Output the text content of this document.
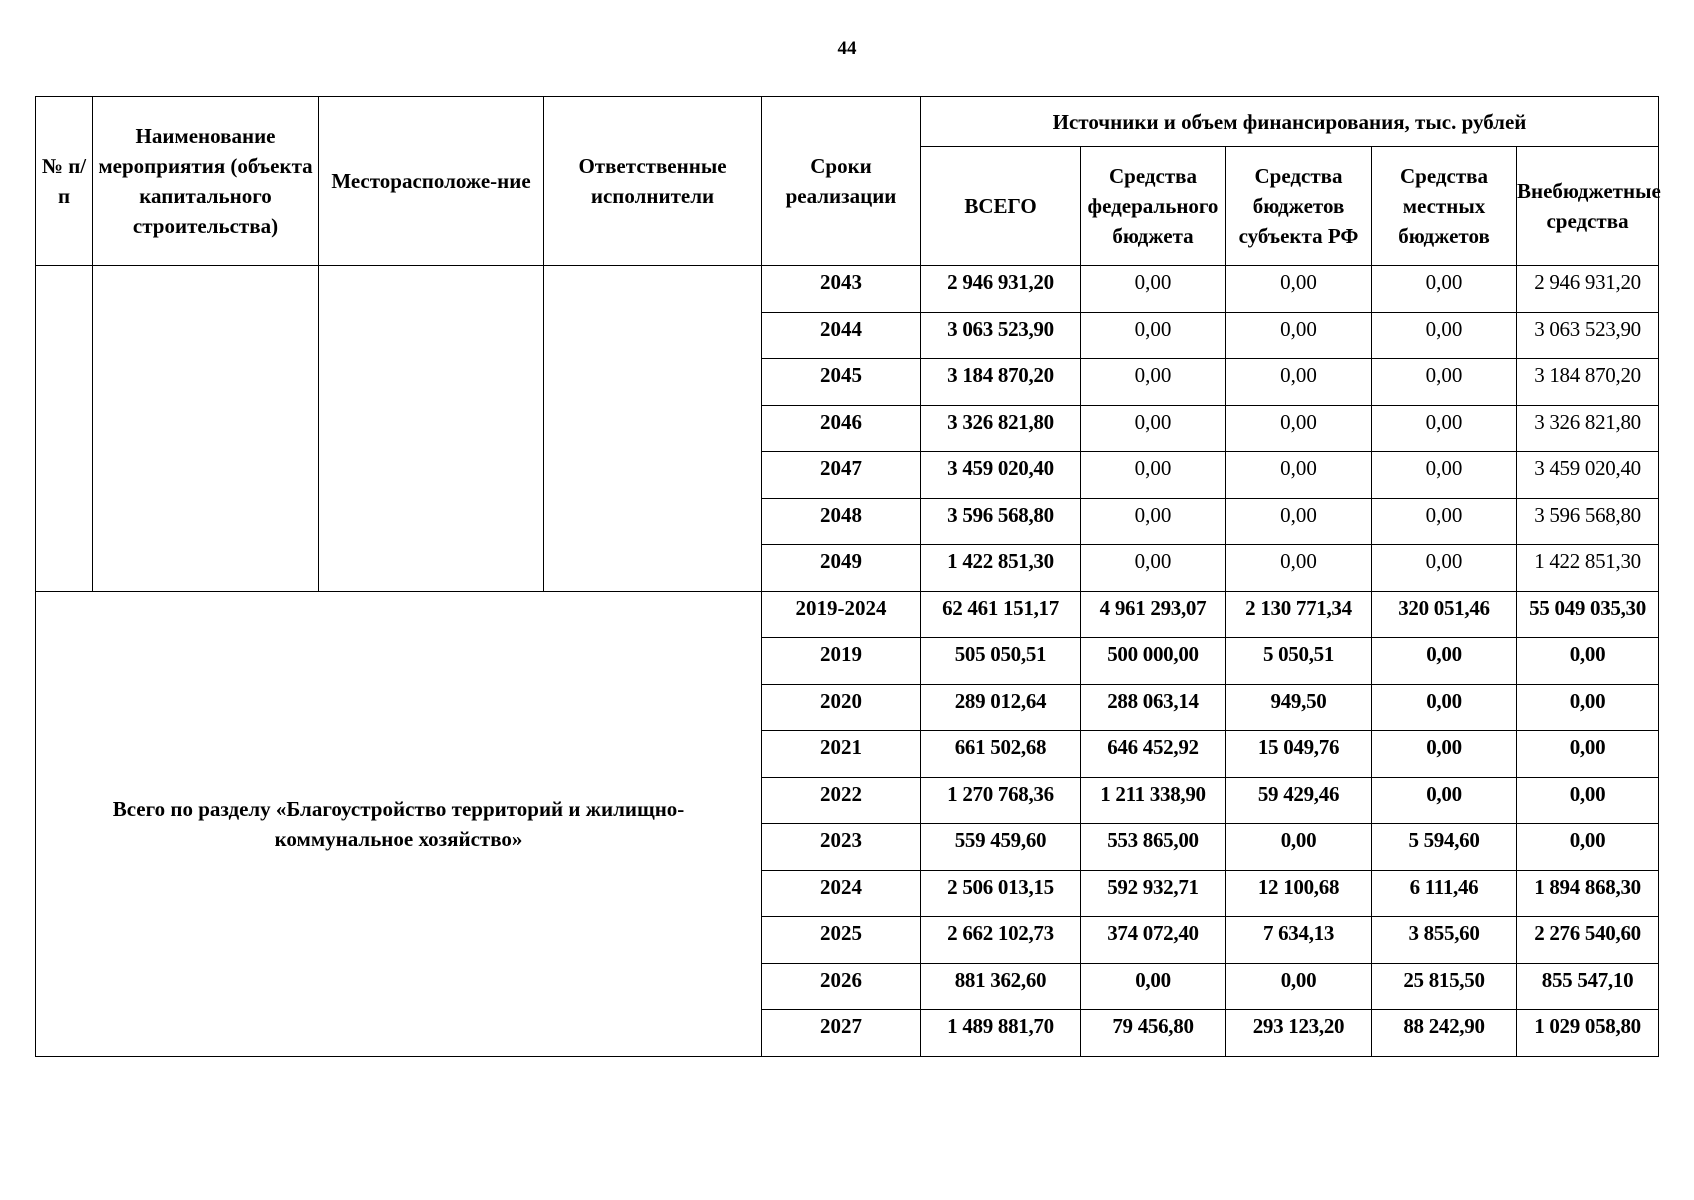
44
№ п/п	Наименование мероприятия (объекта капитального строительства)	Месторасположе-ние	Ответственные исполнители	Сроки реализации	Источники и объем финансирования, тыс. рублей				
					ВСЕГО	Средства федерального бюджета	Средства бюджетов субъекта РФ	Средства местных бюджетов	Внебюджетные средства
				2043	2 946 931,20	0,00	0,00	0,00	2 946 931,20
				2044	3 063 523,90	0,00	0,00	0,00	3 063 523,90
				2045	3 184 870,20	0,00	0,00	0,00	3 184 870,20
				2046	3 326 821,80	0,00	0,00	0,00	3 326 821,80
				2047	3 459 020,40	0,00	0,00	0,00	3 459 020,40
				2048	3 596 568,80	0,00	0,00	0,00	3 596 568,80
				2049	1 422 851,30	0,00	0,00	0,00	1 422 851,30
Всего по разделу «Благоустройство территорий и жилищно-коммунальное хозяйство»				2019-2024	62 461 151,17	4 961 293,07	2 130 771,34	320 051,46	55 049 035,30
				2019	505 050,51	500 000,00	5 050,51	0,00	0,00
				2020	289 012,64	288 063,14	949,50	0,00	0,00
				2021	661 502,68	646 452,92	15 049,76	0,00	0,00
				2022	1 270 768,36	1 211 338,90	59 429,46	0,00	0,00
				2023	559 459,60	553 865,00	0,00	5 594,60	0,00
				2024	2 506 013,15	592 932,71	12 100,68	6 111,46	1 894 868,30
				2025	2 662 102,73	374 072,40	7 634,13	3 855,60	2 276 540,60
				2026	881 362,60	0,00	0,00	25 815,50	855 547,10
				2027	1 489 881,70	79 456,80	293 123,20	88 242,90	1 029 058,80
